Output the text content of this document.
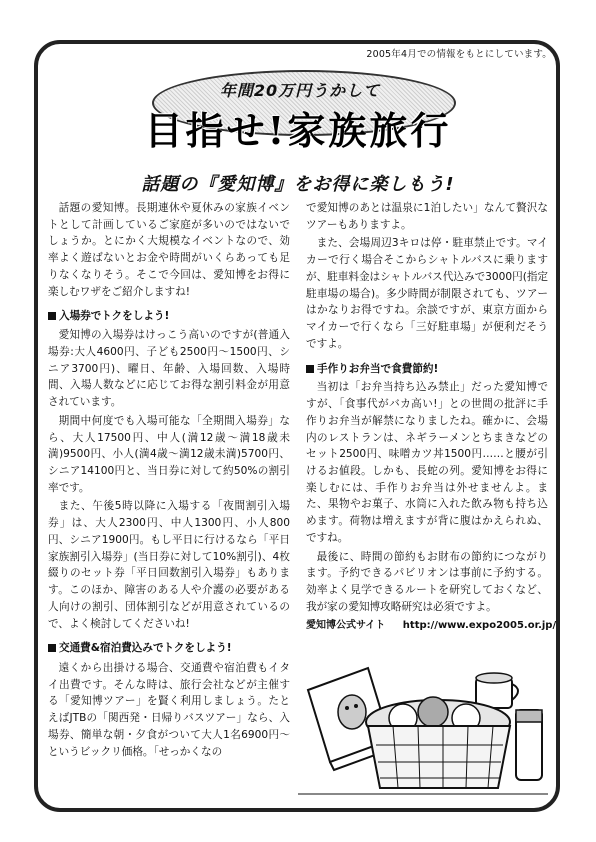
2005年4月での情報をもとにしています。
年間20万円うかして
目指せ!家族旅行
話題の『愛知博』をお得に楽しもう!

話題の愛知博。長期連休や夏休みの家族イベントとして計画しているご家庭が多いのではないでしょうか。とにかく大規模なイベントなので、効率よく遊ばないとお金や時間がいくらあっても足りなくなりそう。そこで今回は、愛知博をお得に楽しむワザをご紹介しますね!

入場券でトクをしよう!

愛知博の入場券はけっこう高いのですが(普通入場券:大人4600円、子ども2500円〜1500円、シニア3700円)、曜日、年齢、入場回数、入場時間、入場人数などに応じてお得な割引料金が用意されています。

期間中何度でも入場可能な「全期間入場券」なら、大人17500円、中人(満12歳〜満18歳未満)9500円、小人(満4歳〜満12歳未満)5700円、シニア14100円と、当日券に対して約50%の割引率です。

また、午後5時以降に入場する「夜間割引入場券」は、大人2300円、中人1300円、小人800円、シニア1900円。もし平日に行けるなら「平日家族割引入場券」(当日券に対して10%割引)、4枚綴りのセット券「平日回数割引入場券」もあります。このほか、障害のある人や介護の必要がある人向けの割引、団体割引などが用意されているので、よく検討してくださいね!

交通費&宿泊費込みでトクをしよう!

で愛知博のあとは温泉に1泊したい」なんて贅沢なツアーもありますよ。

また、会場周辺3キロは停・駐車禁止です。マイカーで行く場合そこからシャトルバスに乗りますが、駐車料金はシャトルバス代込みで3000円(指定駐車場の場合)。多少時間が制限されても、ツアーはかなりお得ですね。余談ですが、東京方面からマイカーで行くなら「三好駐車場」が便利だそうですよ。

手作りお弁当で食費節約!

当初は「お弁当持ち込み禁止」だった愛知博ですが、「食事代がバカ高い!」との世間の批評に手作りお弁当が解禁になりましたね。確かに、会場内のレストランは、ネギラーメンとちまきなどのセット2500円、味噌カツ丼1500円……と腰が引けるお値段。しかも、長蛇の列。愛知博をお得に楽しむには、手作りお弁当は外せませんよ。また、果物やお菓子、水筒に入れた飲み物も持ち込めます。荷物は増えますが背に腹はかえられぬ、ですね。

最後に、時間の節約もお財布の節約につながります。予約できるパビリオンは事前に予約する。効率よく見学できるルートを研究しておくなど、我が家の愛知博攻略研究は必須ですよ。

愛知博公式サイト http://www.expo2005.or.jp/

遠くから出掛ける場合、交通費や宿泊費もイタイ出費です。そんな時は、旅行会社などが主催する「愛知博ツアー」を賢く利用しましょう。たとえばJTBの「関西発・日帰りバスツアー」なら、入場券、簡単な朝・夕食がついて大人1名6900円〜というビックリ価格。「せっかくなの
